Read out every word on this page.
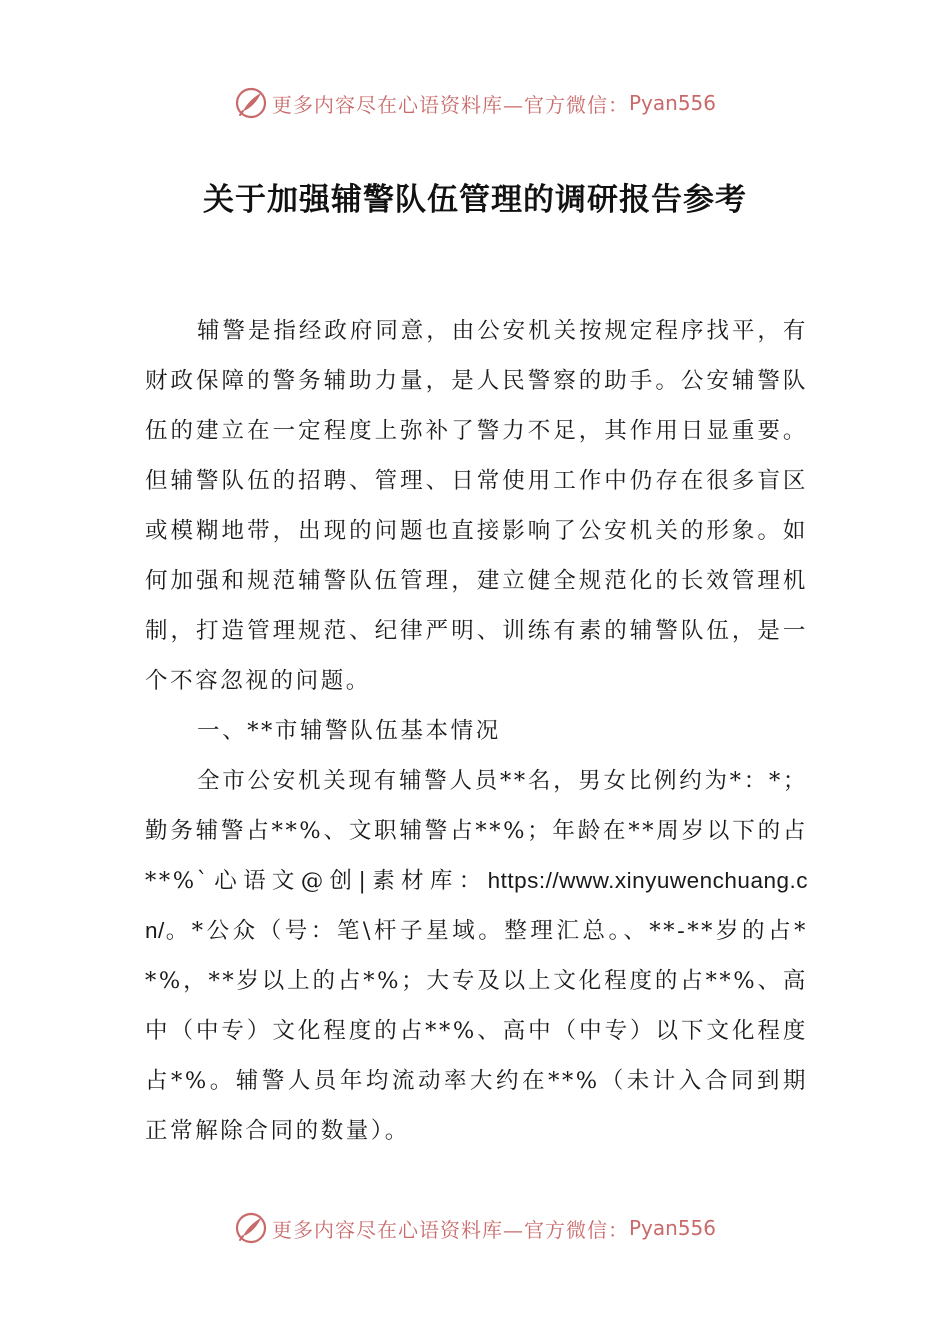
更多内容尽在心语资料库—官方微信： Pyan556
关于加强辅警队伍管理的调研报告参考

辅警是指经政府同意，由公安机关按规定程序找平，有财政保障的警务辅助力量，是人民警察的助手。公安辅警队伍的建立在一定程度上弥补了警力不足，其作用日显重要。但辅警队伍的招聘、管理、日常使用工作中仍存在很多盲区或模糊地带，出现的问题也直接影响了公安机关的形象。如何加强和规范辅警队伍管理，建立健全规范化的长效管理机制，打造管理规范、纪律严明、训练有素的辅警队伍，是一个不容忽视的问题。

一、**市辅警队伍基本情况

全市公安机关现有辅警人员**名，男女比例约为*：*；勤务辅警占**%、文职辅警占**%；年龄在**周岁以下的占**%`心语文@创|素材库：https://www.xinyuwenchuang.cn/。*公众（号：笔\杆子星域。整理汇总。、**-**岁的占**%，**岁以上的占*%；大专及以上文化程度的占**%、高中（中专）文化程度的占**%、高中（中专）以下文化程度占*%。辅警人员年均流动率大约在**%（未计入合同到期正常解除合同的数量）。

更多内容尽在心语资料库—官方微信： Pyan556
